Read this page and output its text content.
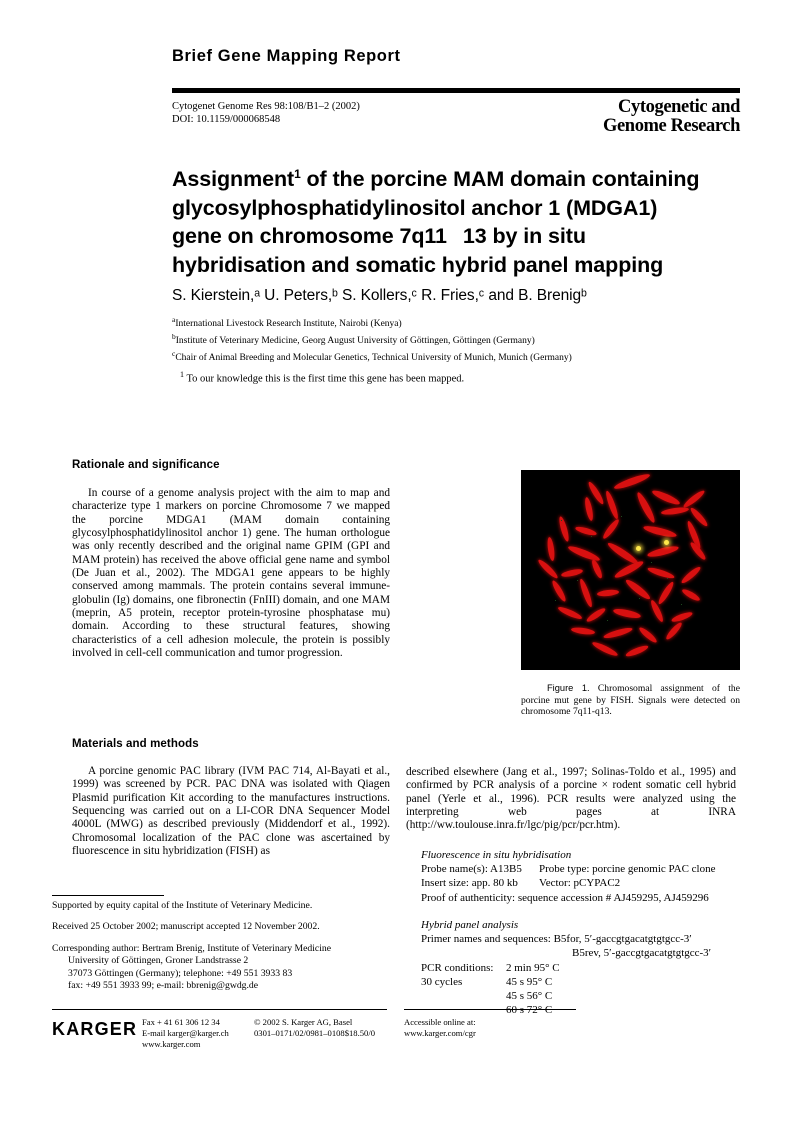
Brief Gene Mapping Report
Cytogenet Genome Res 98:108/B1–2 (2002)
DOI: 10.1159/000068548
Cytogenetic and
Genome Research
Assignment$^1$ of the porcine MAM domain containing
glycosylphosphatidylinositol anchor 1 (MDGA1)
gene on chromosome 7q11 13 by in situ
hybridisation and somatic hybrid panel mapping
S. Kierstein,ᵃ U. Peters,ᵇ S. Kollers,ᶜ R. Fries,ᶜ and B. Brenigᵇ
$^a$International Livestock Research Institute, Nairobi (Kenya)
$^b$Institute of Veterinary Medicine, Georg August University of Göttingen, Göttingen (Germany)
$^c$Chair of Animal Breeding and Molecular Genetics, Technical University of Munich, Munich (Germany)
$^1$ To our knowledge this is the first time this gene has been mapped.
Rationale and significance
In course of a genome analysis project with the aim to map and characterize type 1 markers on porcine Chromosome 7 we mapped the porcine MDGA1 (MAM domain containing glycosylphosphatidylinositol anchor 1) gene. The human orthologue was only recently described and the original name GPIM (GPI and MAM protein) has received the above official gene name and symbol (De Juan et al., 2002). The MDGA1 gene appears to be highly conserved among mammals. The protein contains several immune-globulin (Ig) domains, one fibronectin (FnIII) domain, and one MAM (meprin, A5 protein, receptor protein-tyrosine phosphatase mu) domain. According to these structural features, showing characteristics of a cell adhesion molecule, the protein is possibly involved in cell-cell communication and tumor progression.
Figure 1. Chromosomal assignment of the porcine mut gene by FISH. Signals were detected on chromosome 7q11-q13.
Materials and methods
A porcine genomic PAC library (IVM PAC 714, Al-Bayati et al., 1999) was screened by PCR. PAC DNA was isolated with Qiagen Plasmid purification Kit according to the manufactures instructions. Sequencing was carried out on a LI-COR DNA Sequencer Model 4000L (MWG) as described previously (Middendorf et al., 1992). Chromosomal localization of the PAC clone was ascertained by fluorescence in situ hybridization (FISH) as
described elsewhere (Jang et al., 1997; Solinas-Toldo et al., 1995) and confirmed by PCR analysis of a porcine × rodent somatic cell hybrid panel (Yerle et al., 1996). PCR results were analyzed using the interpreting web pages at INRA (http://ww.toulouse.inra.fr/lgc/pig/pcr/pcr.htm).
Fluorescence in situ hybridisation
Probe name(s): A13B5 Probe type: porcine genomic PAC clone
Insert size: app. 80 kb Vector: pCYPAC2
Proof of authenticity: sequence accession # AJ459295, AJ459296
Hybrid panel analysis
Primer names and sequences: B5for, 5′-gaccgtgacatgtgtgcc-3′
B5rev, 5′-gaccgtgacatgtgtgcc-3′
PCR conditions: 2 min 95° C
30 cycles	45 s 95° C
45 s 56° C

Supported by equity capital of the Institute of Veterinary Medicine.

Received 25 October 2002; manuscript accepted 12 November 2002.

Corresponding author: Bertram Brenig, Institute of Veterinary Medicine
University of Göttingen, Groner Landstrasse 2
37073 Göttingen (Germany); telephone: +49 551 3933 83
fax: +49 551 3933 99; e-mail: bbrenig@gwdg.de

KARGER Fax + 41 61 306 12 34
E-mail karger@karger.ch
www.karger.com
© 2002 S. Karger AG, Basel
0301–0171/02/0981–0108$18.50/0
Accessible online at:
www.karger.com/cgr
